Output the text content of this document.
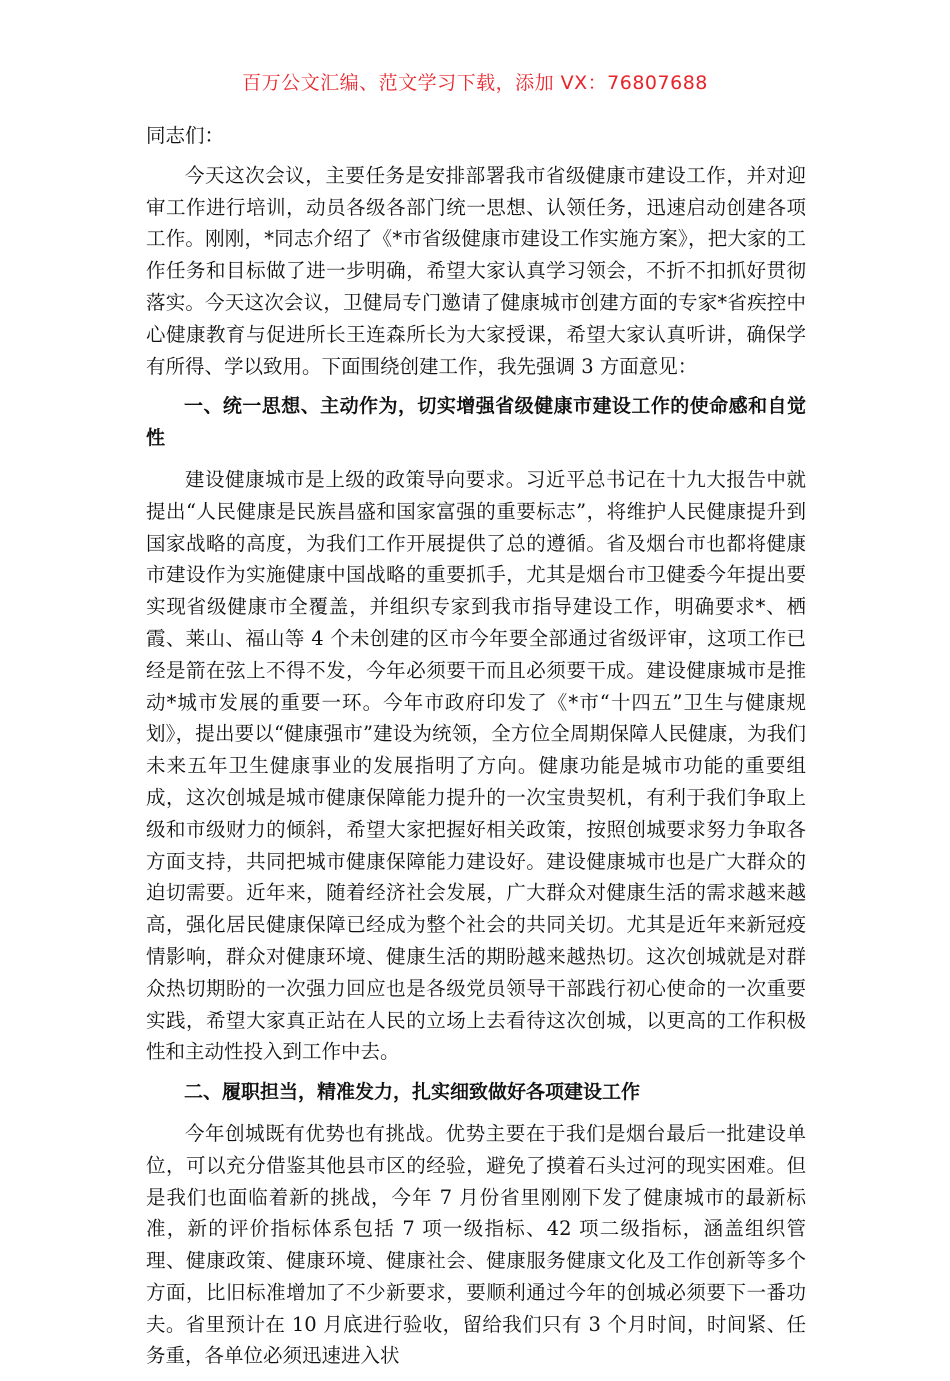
百万公文汇编、范文学习下载，添加 VX：76807688

同志们：

今天这次会议，主要任务是安排部署我市省级健康市建设工作，并对迎审工作进行培训，动员各级各部门统一思想、认领任务，迅速启动创建各项工作。刚刚，*同志介绍了《*市省级健康市建设工作实施方案》，把大家的工作任务和目标做了进一步明确，希望大家认真学习领会，不折不扣抓好贯彻落实。今天这次会议，卫健局专门邀请了健康城市创建方面的专家*省疾控中心健康教育与促进所长王连森所长为大家授课，希望大家认真听讲，确保学有所得、学以致用。下面围绕创建工作，我先强调 3 方面意见：

一、统一思想、主动作为，切实增强省级健康市建设工作的使命感和自觉性

建设健康城市是上级的政策导向要求。习近平总书记在十九大报告中就提出“人民健康是民族昌盛和国家富强的重要标志”，将维护人民健康提升到国家战略的高度，为我们工作开展提供了总的遵循。省及烟台市也都将健康市建设作为实施健康中国战略的重要抓手，尤其是烟台市卫健委今年提出要实现省级健康市全覆盖，并组织专家到我市指导建设工作，明确要求*、栖霞、莱山、福山等 4 个未创建的区市今年要全部通过省级评审，这项工作已经是箭在弦上不得不发，今年必须要干而且必须要干成。建设健康城市是推动*城市发展的重要一环。今年市政府印发了《*市“十四五”卫生与健康规划》，提出要以“健康强市”建设为统领，全方位全周期保障人民健康，为我们未来五年卫生健康事业的发展指明了方向。健康功能是城市功能的重要组成，这次创城是城市健康保障能力提升的一次宝贵契机，有利于我们争取上级和市级财力的倾斜，希望大家把握好相关政策，按照创城要求努力争取各方面支持，共同把城市健康保障能力建设好。建设健康城市也是广大群众的迫切需要。近年来，随着经济社会发展，广大群众对健康生活的需求越来越高，强化居民健康保障已经成为整个社会的共同关切。尤其是近年来新冠疫情影响，群众对健康环境、健康生活的期盼越来越热切。这次创城就是对群众热切期盼的一次强力回应也是各级党员领导干部践行初心使命的一次重要实践，希望大家真正站在人民的立场上去看待这次创城，以更高的工作积极性和主动性投入到工作中去。

二、履职担当，精准发力，扎实细致做好各项建设工作

今年创城既有优势也有挑战。优势主要在于我们是烟台最后一批建设单位，可以充分借鉴其他县市区的经验，避免了摸着石头过河的现实困难。但是我们也面临着新的挑战，今年 7 月份省里刚刚下发了健康城市的最新标准，新的评价指标体系包括 7 项一级指标、42 项二级指标，涵盖组织管理、健康政策、健康环境、健康社会、健康服务健康文化及工作创新等多个方面，比旧标准增加了不少新要求，要顺利通过今年的创城必须要下一番功夫。省里预计在 10 月底进行验收，留给我们只有 3 个月时间，时间紧、任务重，各单位必须迅速进入状
